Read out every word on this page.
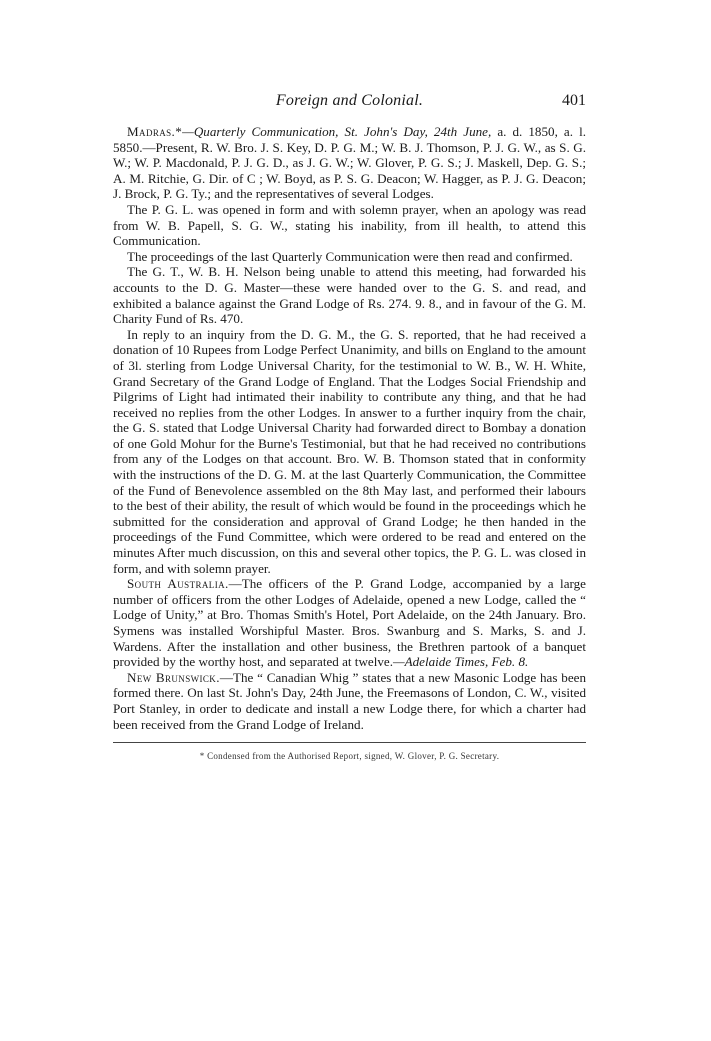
Foreign and Colonial.	401

Madras.*—Quarterly Communication, St. John's Day, 24th June, a. d. 1850, a. l. 5850.—Present, R. W. Bro. J. S. Key, D. P. G. M.; W. B. J. Thomson, P. J. G. W., as S. G. W.; W. P. Macdonald, P. J. G. D., as J. G. W.; W. Glover, P. G. S.; J. Maskell, Dep. G. S.; A. M. Ritchie, G. Dir. of C ; W. Boyd, as P. S. G. Deacon; W. Hagger, as P. J. G. Deacon; J. Brock, P. G. Ty.; and the representatives of several Lodges.

The P. G. L. was opened in form and with solemn prayer, when an apology was read from W. B. Papell, S. G. W., stating his inability, from ill health, to attend this Communication.

The proceedings of the last Quarterly Communication were then read and confirmed.

The G. T., W. B. H. Nelson being unable to attend this meeting, had forwarded his accounts to the D. G. Master—these were handed over to the G. S. and read, and exhibited a balance against the Grand Lodge of Rs. 274. 9. 8., and in favour of the G. M. Charity Fund of Rs. 470.

In reply to an inquiry from the D. G. M., the G. S. reported, that he had received a donation of 10 Rupees from Lodge Perfect Unanimity, and bills on England to the amount of 3l. sterling from Lodge Universal Charity, for the testimonial to W. B., W. H. White, Grand Secretary of the Grand Lodge of England. That the Lodges Social Friendship and Pilgrims of Light had intimated their inability to contribute any thing, and that he had received no replies from the other Lodges. In answer to a further inquiry from the chair, the G. S. stated that Lodge Universal Charity had forwarded direct to Bombay a donation of one Gold Mohur for the Burne's Testimonial, but that he had received no contributions from any of the Lodges on that account. Bro. W. B. Thomson stated that in conformity with the instructions of the D. G. M. at the last Quarterly Communication, the Committee of the Fund of Benevolence assembled on the 8th May last, and performed their labours to the best of their ability, the result of which would be found in the proceedings which he submitted for the consideration and approval of Grand Lodge; he then handed in the proceedings of the Fund Committee, which were ordered to be read and entered on the minutes After much discussion, on this and several other topics, the P. G. L. was closed in form, and with solemn prayer.

South Australia.—The officers of the P. Grand Lodge, accompanied by a large number of officers from the other Lodges of Adelaide, opened a new Lodge, called the “ Lodge of Unity,” at Bro. Thomas Smith's Hotel, Port Adelaide, on the 24th January. Bro. Symens was installed Worshipful Master. Bros. Swanburg and S. Marks, S. and J. Wardens. After the installation and other business, the Brethren partook of a banquet provided by the worthy host, and separated at twelve.—Adelaide Times, Feb. 8.

New Brunswick.—The “ Canadian Whig ” states that a new Masonic Lodge has been formed there. On last St. John's Day, 24th June, the Freemasons of London, C. W., visited Port Stanley, in order to dedicate and install a new Lodge there, for which a charter had been received from the Grand Lodge of Ireland.

* Condensed from the Authorised Report, signed, W. Glover, P. G. Secretary.
